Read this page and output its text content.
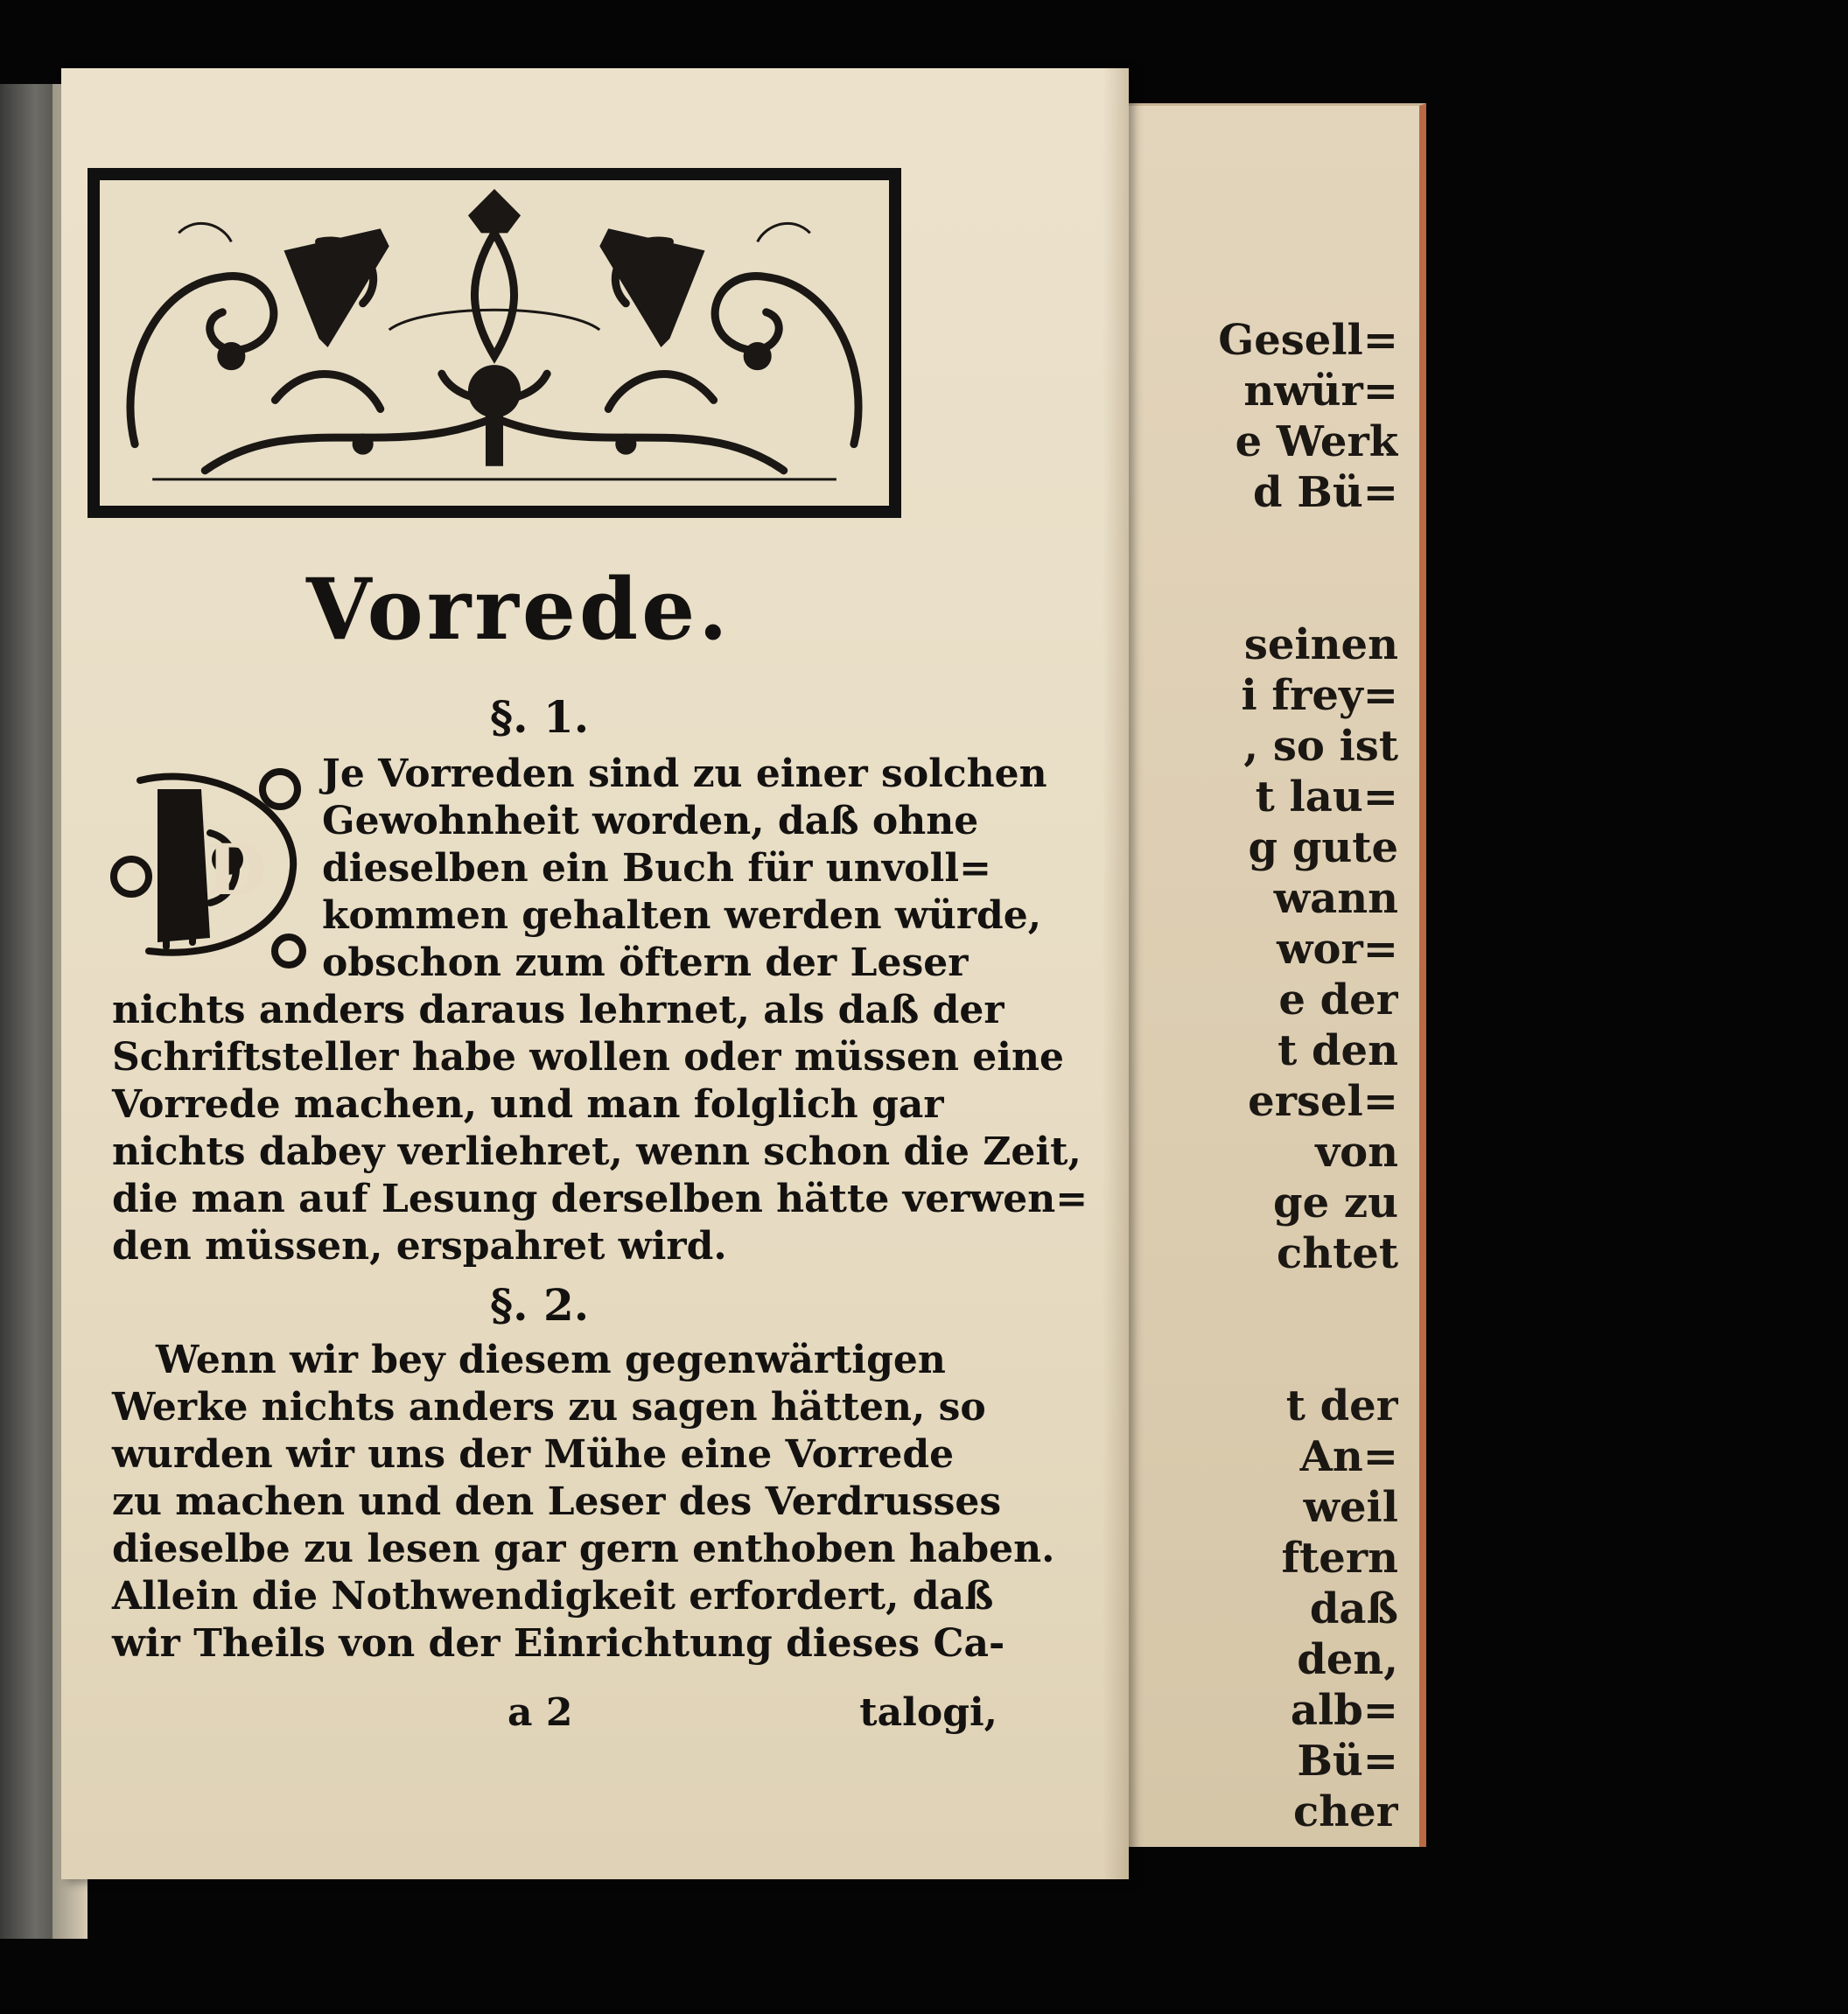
Gesell=
nwür=
e Werk
d Bü=
seinen
i frey=
, so ist
t lau=
g gute
wann
wor=
e der
t den
ersel=
von
ge zu
chtet
t der
An=
weil
ftern
daß
den,
alb=
Bü=
cher
Vorrede.
§. 1.
D
Je Vorreden sind zu einer solchen
Gewohnheit worden, daß ohne
dieselben ein Buch für unvoll=
kommen gehalten werden würde,
obschon zum öftern der Leser
nichts anders daraus lehrnet, als daß der
Schriftsteller habe wollen oder müssen eine
Vorrede machen, und man folglich gar
nichts dabey verliehret, wenn schon die Zeit,
die man auf Lesung derselben hätte verwen=
den müssen, erspahret wird.
§. 2.
Wenn wir bey diesem gegenwärtigen
Werke nichts anders zu sagen hätten, so
wurden wir uns der Mühe eine Vorrede
zu machen und den Leser des Verdrusses
dieselbe zu lesen gar gern enthoben haben.
Allein die Nothwendigkeit erfordert, daß
wir Theils von der Einrichtung dieses Ca-
a 2	talogi,
